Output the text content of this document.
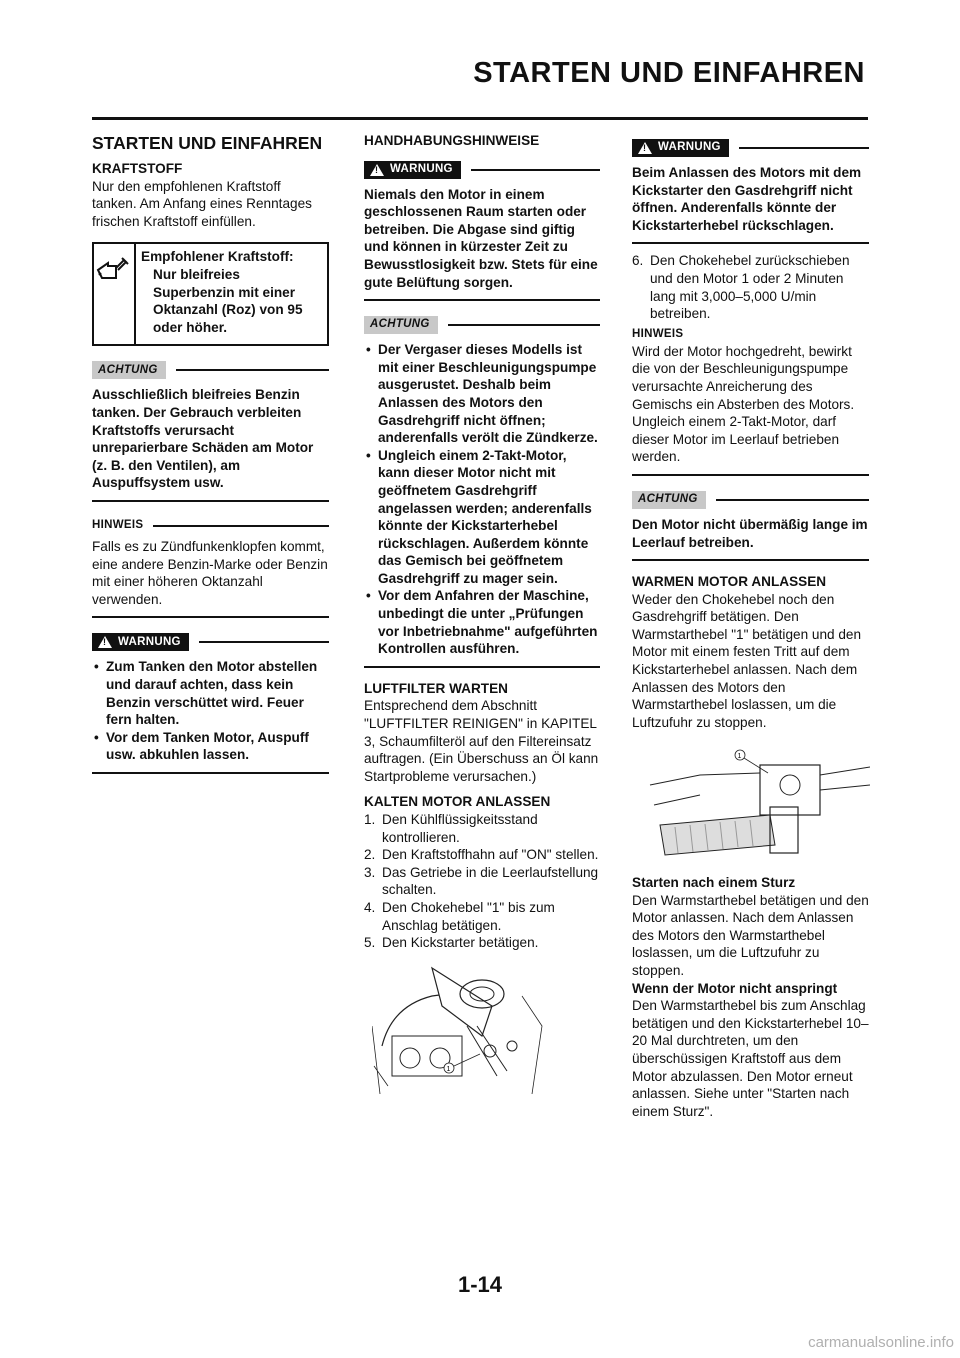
STARTEN UND EINFAHREN
STARTEN UND EINFAHREN
KRAFTSTOFF
Nur den empfohlenen Kraftstoff tanken. Am Anfang eines Renntages frischen Kraftstoff einfüllen.
Empfohlener Kraftstoff:
Nur bleifreies Superbenzin mit einer Oktanzahl (Roz) von 95 oder höher.
ACHTUNG
Ausschließlich bleifreies Benzin tanken. Der Gebrauch verbleiten Kraftstoffs verursacht unreparierbare Schäden am Motor (z. B. den Ventilen), am Auspuffsystem usw.
HINWEIS
Falls es zu Zündfunkenklopfen kommt, eine andere Benzin-Marke oder Benzin mit einer höheren Oktanzahl verwenden.
!
WARNUNG
• Zum Tanken den Motor abstellen und darauf achten, dass kein Benzin verschüttet wird. Feuer fern halten.
• Vor dem Tanken Motor, Auspuff usw. abkuhlen lassen.
HANDHABUNGSHINWEISE
!
WARNUNG
Niemals den Motor in einem geschlossenen Raum starten oder betreiben. Die Abgase sind giftig und können in kürzester Zeit zu Bewusstlosigkeit bzw. Stets für eine gute Belüftung sorgen.
ACHTUNG
• Der Vergaser dieses Modells ist mit einer Beschleunigungspumpe ausgerustet. Deshalb beim Anlassen des Motors den Gasdrehgriff nicht öffnen; anderenfalls verölt die Zündkerze.
• Ungleich einem 2-Takt-Motor, kann dieser Motor nicht mit geöffnetem Gasdrehgriff angelassen werden; anderenfalls könnte der Kickstarterhebel rückschlagen. Außerdem könnte das Gemisch bei geöffnetem Gasdrehgriff zu mager sein.
• Vor dem Anfahren der Maschine, unbedingt die unter „Prüfungen vor Inbetriebnahme" aufgeführten Kontrollen ausführen.
LUFTFILTER WARTEN
Entsprechend dem Abschnitt "LUFTFILTER REINIGEN" in KAPITEL 3, Schaumfilteröl auf den Filtereinsatz auftragen. (Ein Überschuss an Öl kann Startprobleme verursachen.)
KALTEN MOTOR ANLASSEN
1. Den Kühlflüssigkeitsstand kontrollieren.
2. Den Kraftstoffhahn auf "ON" stellen.
3. Das Getriebe in die Leerlaufstellung schalten.
4. Den Chokehebel "1" bis zum Anschlag betätigen.
5. Den Kickstarter betätigen.
1
!
WARNUNG
Beim Anlassen des Motors mit dem Kickstarter den Gasdrehgriff nicht öffnen. Anderenfalls könnte der Kickstarterhebel rückschlagen.
6. Den Chokehebel zurückschieben und den Motor 1 oder 2 Minuten lang mit 3,000–5,000 U/min betreiben.
HINWEIS
Wird der Motor hochgedreht, bewirkt die von der Beschleunigungspumpe verursachte Anreicherung des Gemischs ein Absterben des Motors. Ungleich einem 2-Takt-Motor, darf dieser Motor im Leerlauf betrieben werden.
ACHTUNG
Den Motor nicht übermäßig lange im Leerlauf betreiben.
WARMEN MOTOR ANLASSEN
Weder den Chokehebel noch den Gasdrehgriff betätigen. Den Warmstarthebel "1" betätigen und den Motor mit einem festen Tritt auf dem Kickstarterhebel anlassen. Nach dem Anlassen des Motors den Warmstarthebel loslassen, um die Luftzufuhr zu stoppen.
1
Starten nach einem Sturz
Den Warmstarthebel betätigen und den Motor anlassen. Nach dem Anlassen des Motors den Warmstarthebel loslassen, um die Luftzufuhr zu stoppen.
Wenn der Motor nicht anspringt
Den Warmstarthebel bis zum Anschlag betätigen und den Kickstarterhebel 10–20 Mal durchtreten, um den überschüssigen Kraftstoff aus dem Motor abzulassen. Den Motor erneut anlassen. Siehe unter "Starten nach einem Sturz".
1-14
carmanualsonline.info
